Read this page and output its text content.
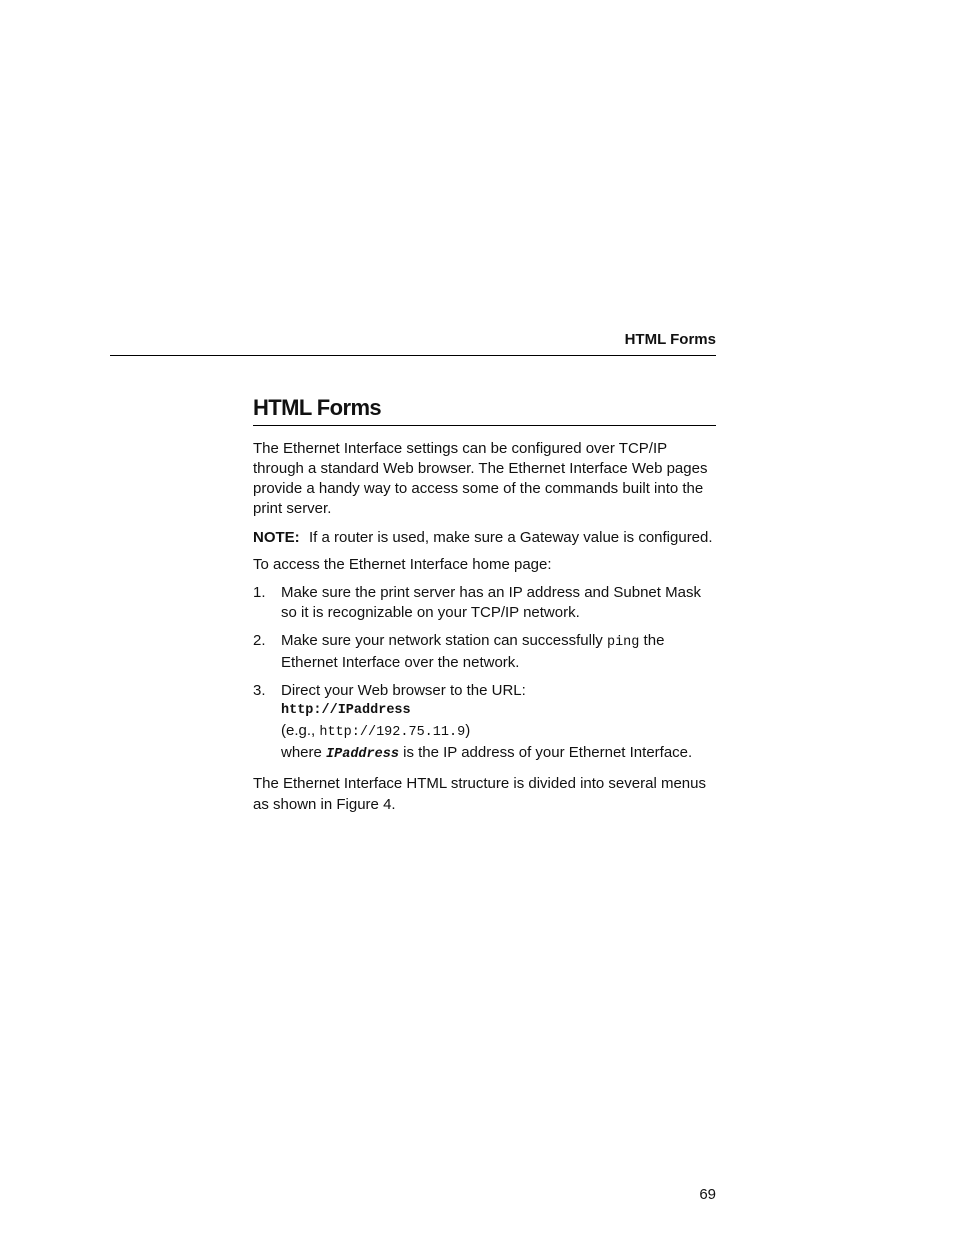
HTML Forms
HTML Forms

The Ethernet Interface settings can be configured over TCP/IP through a standard Web browser. The Ethernet Interface Web pages provide a handy way to access some of the commands built into the print server.

NOTE: If a router is used, make sure a Gateway value is configured.

To access the Ethernet Interface home page:

1.	Make sure the print server has an IP address and Subnet Mask so it is recognizable on your TCP/IP network.
2.	Make sure your network station can successfully ping the Ethernet Interface over the network.
3.	Direct your Web browser to the URL:
http://IPaddress
(e.g., http://192.75.11.9)
where IPaddress is the IP address of your Ethernet Interface.

The Ethernet Interface HTML structure is divided into several menus as shown in Figure 4.

69
